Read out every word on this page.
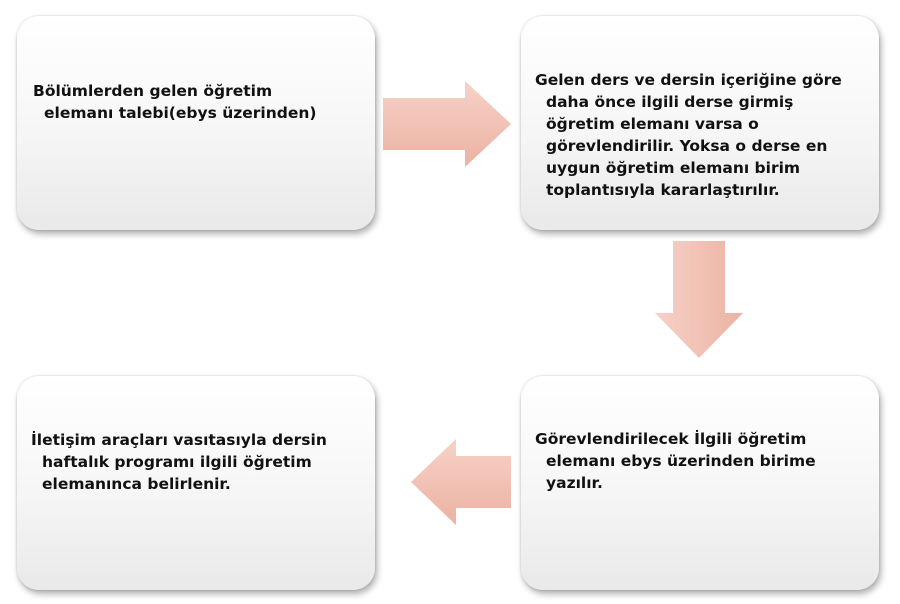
Bölümlerden gelen öğretim
elemanı talebi(ebys üzerinden)
Gelen ders ve dersin içeriğine göre
daha önce ilgili derse girmiş
öğretim elemanı varsa o
görevlendirilir. Yoksa o derse en
uygun öğretim elemanı birim
toplantısıyla kararlaştırılır.
Görevlendirilecek İlgili öğretim
elemanı ebys üzerinden birime
yazılır.
İletişim araçları vasıtasıyla dersin
haftalık programı ilgili öğretim
elemanınca belirlenir.
